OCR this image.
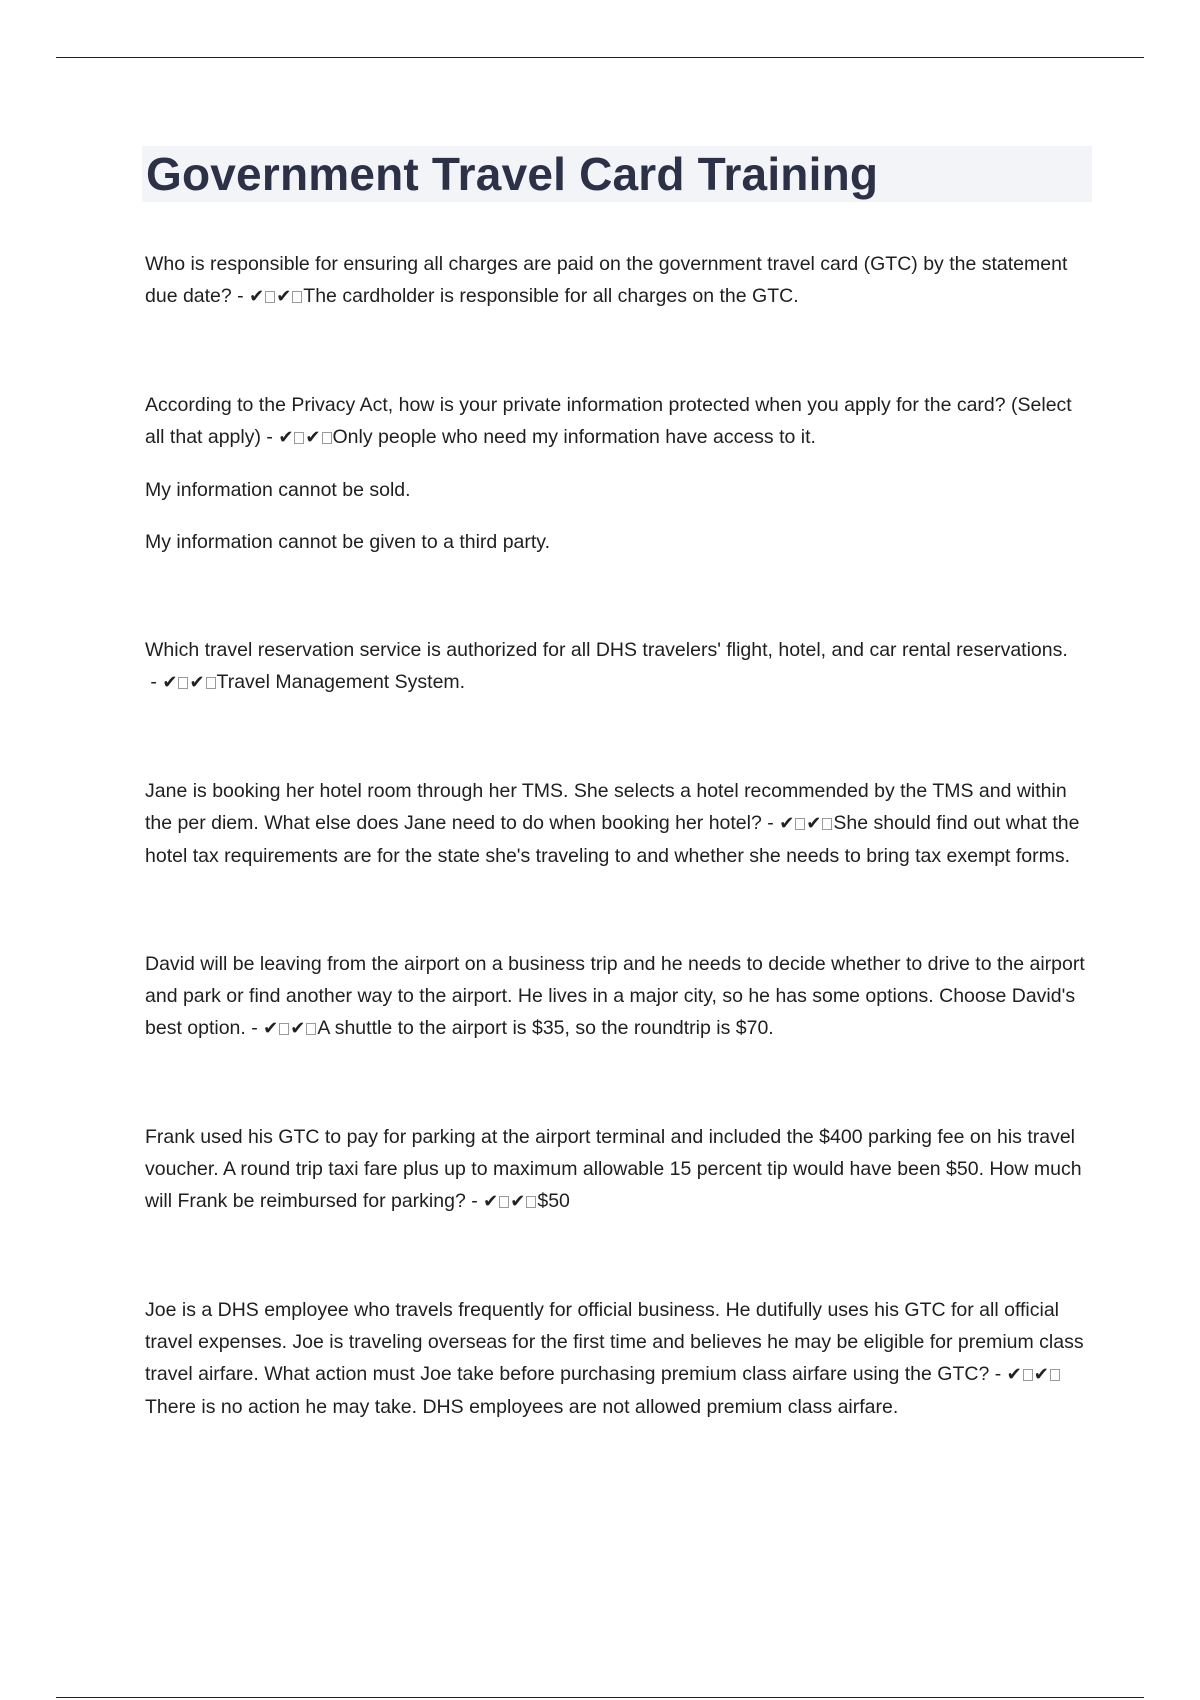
Government Travel Card Training

Who is responsible for ensuring all charges are paid on the government travel card (GTC) by the statement due date? - ✔ ✔ The cardholder is responsible for all charges on the GTC.

According to the Privacy Act, how is your private information protected when you apply for the card? (Select all that apply) - ✔ ✔ Only people who need my information have access to it.

My information cannot be sold.

My information cannot be given to a third party.

Which travel reservation service is authorized for all DHS travelers' flight, hotel, and car rental reservations. - ✔ ✔ Travel Management System.

Jane is booking her hotel room through her TMS. She selects a hotel recommended by the TMS and within the per diem. What else does Jane need to do when booking her hotel? - ✔ ✔ She should find out what the hotel tax requirements are for the state she's traveling to and whether she needs to bring tax exempt forms.

David will be leaving from the airport on a business trip and he needs to decide whether to drive to the airport and park or find another way to the airport. He lives in a major city, so he has some options. Choose David's best option. - ✔ ✔ A shuttle to the airport is $35, so the roundtrip is $70.

Frank used his GTC to pay for parking at the airport terminal and included the $400 parking fee on his travel voucher. A round trip taxi fare plus up to maximum allowable 15 percent tip would have been $50. How much will Frank be reimbursed for parking? - ✔ ✔ $50

Joe is a DHS employee who travels frequently for official business. He dutifully uses his GTC for all official travel expenses. Joe is traveling overseas for the first time and believes he may be eligible for premium class travel airfare. What action must Joe take before purchasing premium class airfare using the GTC? - ✔ ✔There is no action he may take. DHS employees are not allowed premium class airfare.
